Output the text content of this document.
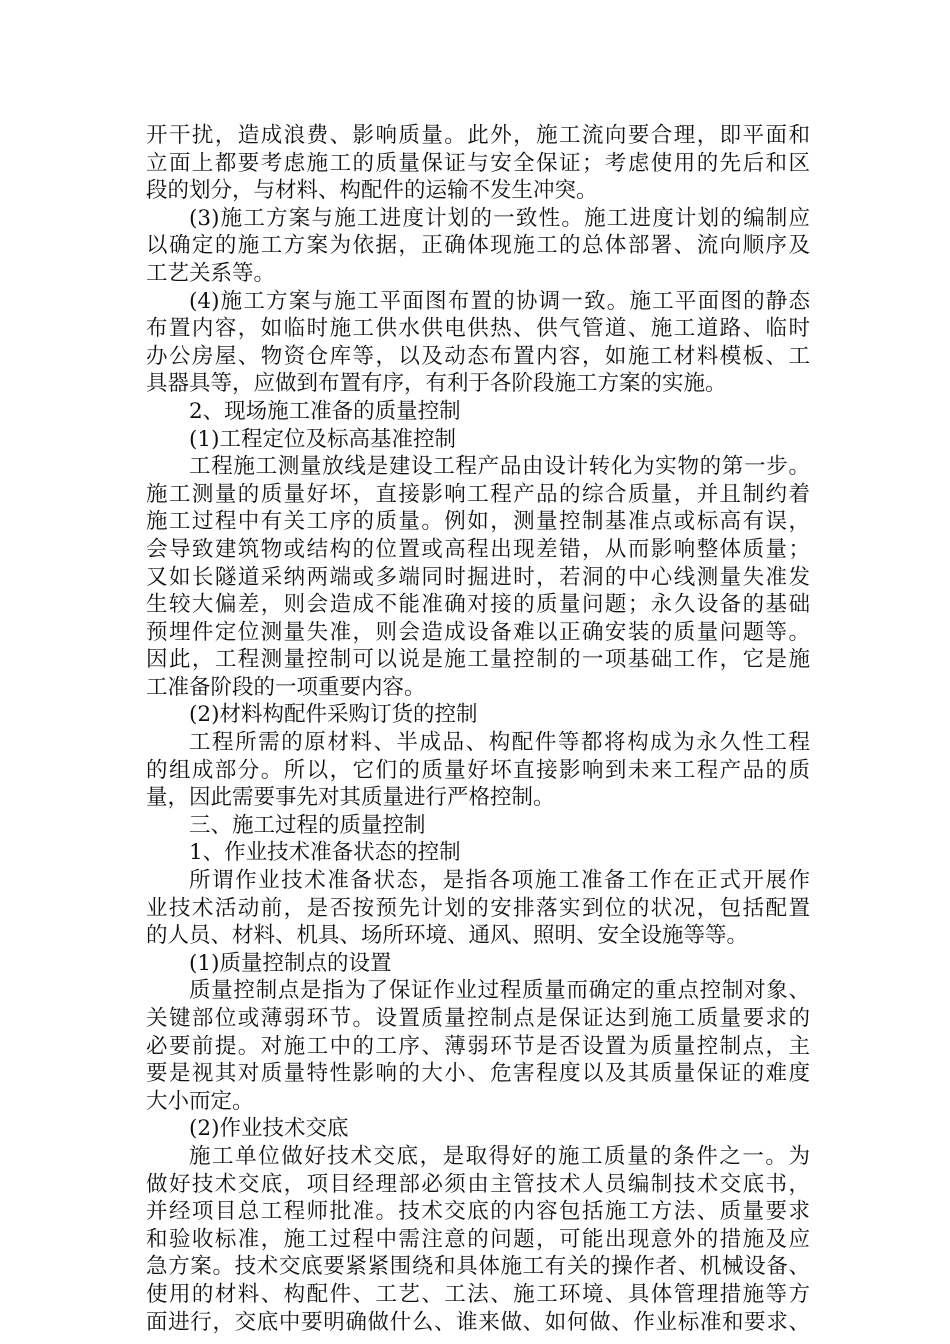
开干扰，造成浪费、影响质量。此外，施工流向要合理，即平面和
立面上都要考虑施工的质量保证与安全保证；考虑使用的先后和区
段的划分，与材料、构配件的运输不发生冲突。
(3)施工方案与施工进度计划的一致性。施工进度计划的编制应
以确定的施工方案为依据，正确体现施工的总体部署、流向顺序及
工艺关系等。
(4)施工方案与施工平面图布置的协调一致。施工平面图的静态
布置内容，如临时施工供水供电供热、供气管道、施工道路、临时
办公房屋、物资仓库等，以及动态布置内容，如施工材料模板、工
具器具等，应做到布置有序，有利于各阶段施工方案的实施。
2、现场施工准备的质量控制
(1)工程定位及标高基准控制
工程施工测量放线是建设工程产品由设计转化为实物的第一步。
施工测量的质量好坏，直接影响工程产品的综合质量，并且制约着
施工过程中有关工序的质量。例如，测量控制基准点或标高有误，
会导致建筑物或结构的位置或高程出现差错，从而影响整体质量；
又如长隧道采纳两端或多端同时掘进时，若洞的中心线测量失准发
生较大偏差，则会造成不能准确对接的质量问题；永久设备的基础
预埋件定位测量失准，则会造成设备难以正确安装的质量问题等。
因此，工程测量控制可以说是施工量控制的一项基础工作，它是施
工准备阶段的一项重要内容。
(2)材料构配件采购订货的控制
工程所需的原材料、半成品、构配件等都将构成为永久性工程
的组成部分。所以，它们的质量好坏直接影响到未来工程产品的质
量，因此需要事先对其质量进行严格控制。
三、施工过程的质量控制
1、作业技术准备状态的控制
所谓作业技术准备状态，是指各项施工准备工作在正式开展作
业技术活动前，是否按预先计划的安排落实到位的状况，包括配置
的人员、材料、机具、场所环境、通风、照明、安全设施等等。
(1)质量控制点的设置
质量控制点是指为了保证作业过程质量而确定的重点控制对象、
关键部位或薄弱环节。设置质量控制点是保证达到施工质量要求的
必要前提。对施工中的工序、薄弱环节是否设置为质量控制点，主
要是视其对质量特性影响的大小、危害程度以及其质量保证的难度
大小而定。
(2)作业技术交底
施工单位做好技术交底，是取得好的施工质量的条件之一。为
做好技术交底，项目经理部必须由主管技术人员编制技术交底书，
并经项目总工程师批准。技术交底的内容包括施工方法、质量要求
和验收标准，施工过程中需注意的问题，可能出现意外的措施及应
急方案。技术交底要紧紧围绕和具体施工有关的操作者、机械设备、
使用的材料、构配件、工艺、工法、施工环境、具体管理措施等方
面进行，交底中要明确做什么、谁来做、如何做、作业标准和要求、
